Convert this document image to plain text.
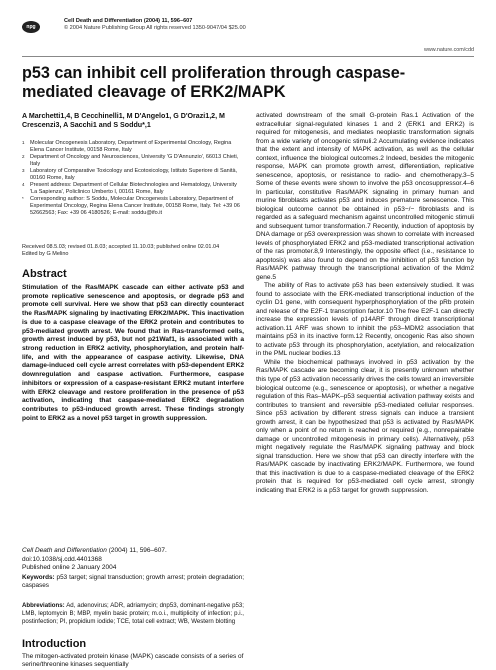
npg
Cell Death and Differentiation (2004) 11, 596–607
© 2004 Nature Publishing Group All rights reserved 1350-9047/04 $25.00
www.nature.com/cdd
p53 can inhibit cell proliferation through caspase-mediated cleavage of ERK2/MAPK
A Marchetti1,4, B Cecchinelli1, M D'Angelo1, G D'Orazi1,2, M Crescenzi3, A Sacchi1 and S Soddu*,1

1 Molecular Oncogenesis Laboratory, Department of Experimental Oncology, Regina Elena Cancer Institute, 00158 Rome, Italy

2 Department of Oncology and Neurosciences, University 'G D'Annunzio', 66013 Chieti, Italy

3 Laboratory of Comparative Toxicology and Ecotoxicology, Istituto Superiore di Sanità, 00160 Rome, Italy

4 Present address: Department of Cellular Biotechnologies and Hematology, University 'La Sapienza', Policlinico Umberto I, 00161 Rome, Italy

* Corresponding author: S Soddu, Molecular Oncogenesis Laboratory, Department of Experimental Oncology, Regina Elena Cancer Institute, 00158 Rome, Italy. Tel: +39 06 52662563; Fax: +39 06 4180526; E-mail: soddu@ifo.it

Received 08.5.03; revised 01.8.03; accepted 11.10.03; published online 02.01.04
Edited by G Melino
Abstract

Stimulation of the Ras/MAPK cascade can either activate p53 and promote replicative senescence and apoptosis, or degrade p53 and promote cell survival. Here we show that p53 can directly counteract the Ras/MAPK signaling by inactivating ERK2/MAPK. This inactivation is due to a caspase cleavage of the ERK2 protein and contributes to p53-mediated growth arrest. We found that in Ras-transformed cells, growth arrest induced by p53, but not p21Waf1, is associated with a strong reduction in ERK2 activity, phosphorylation, and protein half-life, and with the appearance of caspase activity. Likewise, DNA damage-induced cell cycle arrest correlates with p53-dependent ERK2 downregulation and caspase activation. Furthermore, caspase inhibitors or expression of a caspase-resistant ERK2 mutant interfere with ERK2 cleavage and restore proliferation in the presence of p53 activation, indicating that caspase-mediated ERK2 degradation contributes to p53-induced growth arrest. These findings strongly point to ERK2 as a novel p53 target in growth suppression.

Cell Death and Differentiation (2004) 11, 596–607.
doi:10.1038/sj.cdd.4401368
Published online 2 January 2004

Keywords: p53 target; signal transduction; growth arrest; protein degradation; caspases

Abbreviations: Ad, adenovirus; ADR, adriamycin; dnp53, dominant-negative p53; LMB, leptomycin B; MBP, myelin basic protein; m.o.i., multiplicity of infection; p.i., postinfection; PI, propidium iodide; TCE, total cell extract; WB, Western blotting

Introduction

The mitogen-activated protein kinase (MAPK) cascade consists of a series of serine/threonine kinases sequentially

activated downstream of the small G-protein Ras.1 Activation of the extracellular signal-regulated kinases 1 and 2 (ERK1 and ERK2) is required for mitogenesis, and mediates neoplastic transformation signals from a wide variety of oncogenic stimuli.2 Accumulating evidence indicates that the extent and intensity of MAPK activation, as well as the cellular context, influence the biological outcomes.2 Indeed, besides the mitogenic response, MAPK can promote growth arrest, differentiation, replicative senescence, apoptosis, or resistance to radio- and chemotherapy.3–5 Some of these events were shown to involve the p53 oncosuppressor.4–6 In particular, constitutive Ras/MAPK signaling in primary human and murine fibroblasts activates p53 and induces premature senescence. This biological outcome cannot be obtained in p53−/− fibroblasts and is regarded as a safeguard mechanism against uncontrolled mitogenic stimuli and subsequent tumor transformation.7 Recently, induction of apoptosis by DNA damage or p53 overexpression was shown to correlate with increased levels of phosphorylated ERK2 and p53-mediated transcriptional activation of the ras promoter.8,9 Interestingly, the opposite effect (i.e., resistance to apoptosis) was also found to depend on the inhibition of p53 function by Ras/MAPK pathway through the transcriptional activation of the Mdm2 gene.5

The ability of Ras to activate p53 has been extensively studied. It was found to associate with the ERK-mediated transcriptional induction of the cyclin D1 gene, with consequent hyperphosphorylation of the pRb protein and release of the E2F-1 transcription factor.10 The free E2F-1 can directly increase the expression levels of p14ARF through direct transcriptional activation.11 ARF was shown to inhibit the p53–MDM2 association that maintains p53 in its inactive form.12 Recently, oncogenic Ras also shown to activate p53 through its phosphorylation, acetylation, and relocalization in the PML nuclear bodies.13

While the biochemical pathways involved in p53 activation by the Ras/MAPK cascade are becoming clear, it is presently unknown whether this type of p53 activation necessarily drives the cells toward an irreversible biological outcome (e.g., senescence or apoptosis), or whether a negative regulation of this Ras–MAPK–p53 sequential activation pathway exists and contributes to transient and reversible p53-mediated cellular responses. Since p53 activation by different stress signals can induce a transient growth arrest, it can be hypothesized that p53 is activated by Ras/MAPK only when a point of no return is reached or required (e.g., nonrepairable damage or uncontrolled mitogenesis in primary cells). Alternatively, p53 might negatively regulate the Ras/MAPK signaling pathway and block signal transduction. Here we show that p53 can directly interfere with the Ras/MAPK cascade by inactivating ERK2/MAPK. Furthermore, we found that this inactivation is due to a caspase-mediated cleavage of the ERK2 protein that is required for p53-mediated cell cycle arrest, strongly indicating that ERK2 is a p53 target for growth suppression.
